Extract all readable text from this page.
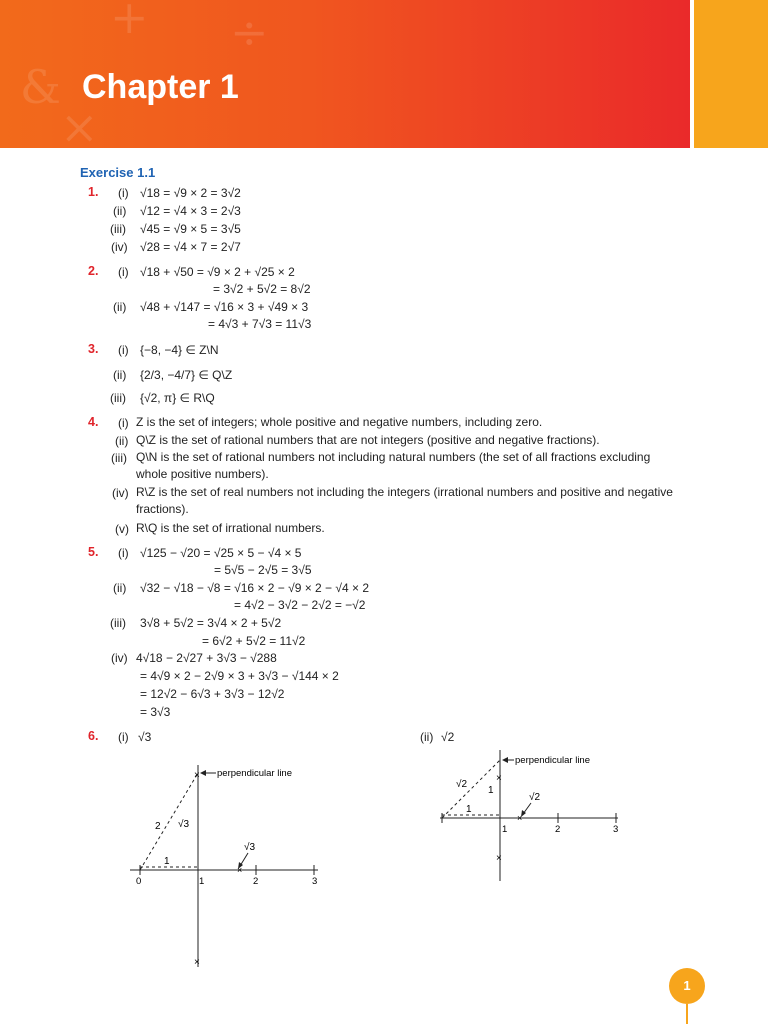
&
+ ÷
×
Chapter 1
Exercise 1.1
1. (i) √18 = √9 × 2 = 3√2
(ii) √12 = √4 × 3 = 2√3
(iii) √45 = √9 × 5 = 3√5
(iv) √28 = √4 × 7 = 2√7
2. (i) √18 + √50 = √9 × 2 + √25 × 2
= 3√2 + 5√2 = 8√2
(ii) √48 + √147 = √16 × 3 + √49 × 3
= 4√3 + 7√3 = 11√3
3. (i) {−8, −4} ∈ Z\N
(ii) {2/3, −4/7} ∈ Q\Z
(iii) {√2, π} ∈ R\Q
4. (i) Z is the set of integers; whole positive and negative numbers, including zero.
(ii) Q\Z is the set of rational numbers that are not integers (positive and negative fractions).
(iii) Q\N is the set of rational numbers not including natural numbers (the set of all fractions excluding whole positive numbers).
(iv) R\Z is the set of real numbers not including the integers (irrational numbers and positive and negative fractions).
(v) R\Q is the set of irrational numbers.
5. (i) √125 − √20 = √25 × 5 − √4 × 5
= 5√5 − 2√5 = 3√5
(ii) √32 − √18 − √8 = √16 × 2 − √9 × 2 − √4 × 2
= 4√2 − 3√2 − 2√2 = −√2
(iii) 3√8 + 5√2 = 3√4 × 2 + 5√2
= 6√2 + 5√2 = 11√2
(iv) 4√18 − 2√27 + 3√3 − √288
= 4√9 × 2 − 2√9 × 3 + 3√3 − √144 × 2
= 12√2 − 6√3 + 3√3 − 12√2
= 3√3
6. (i) √3	(ii) √2
×
×
perpendicular line
2 √3
1
√3
×
0	1	2	3
×
×
perpendicular line
√2
1
1
√2
×
1	2	3
1
